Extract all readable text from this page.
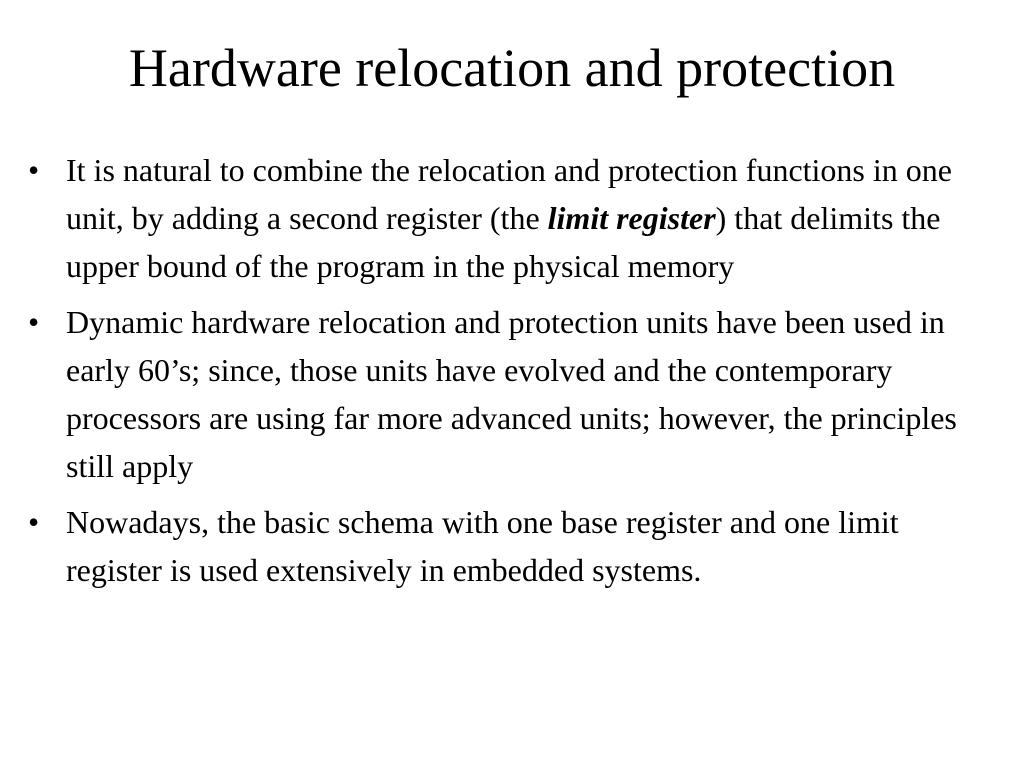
Hardware relocation and protection
• It is natural to combine the relocation and protection functions in one unit, by adding a second register (the limit register) that delimits the upper bound of the program in the physical memory
• Dynamic hardware relocation and protection units have been used in early 60’s; since, those units have evolved and the contemporary processors are using far more advanced units; however, the principles still apply
• Nowadays, the basic schema with one base register and one limit register is used extensively in embedded systems.
